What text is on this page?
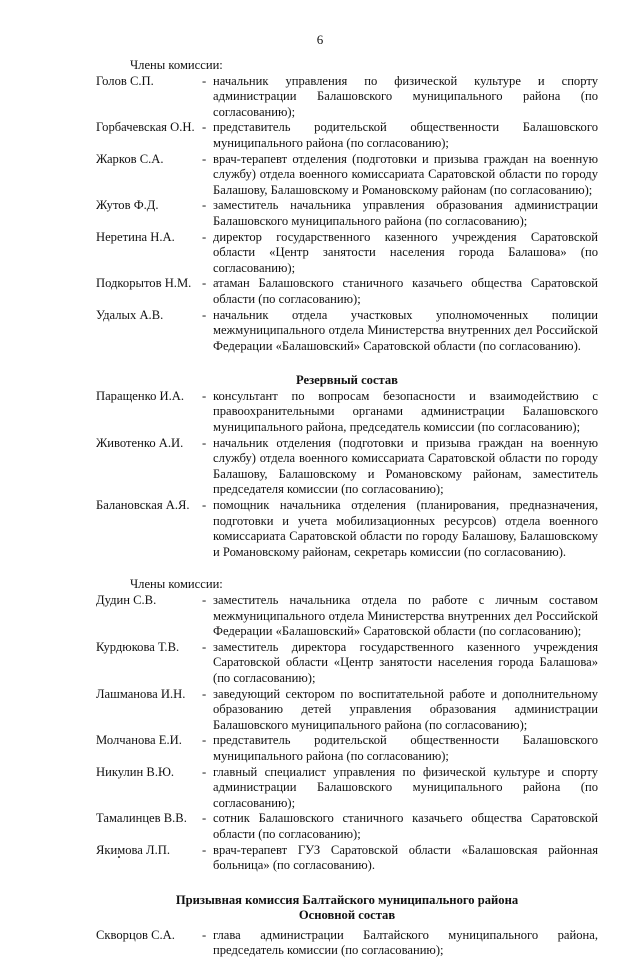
6
Члены комиссии:
Голов С.П.	- начальник управления по физической культуре и спорту администрации Балашовского муниципального района (по согласованию);
Горбачевская О.Н. - представитель родительской общественности Балашовского муниципального района (по согласованию);
Жарков С.А.	- врач-терапевт отделения (подготовки и призыва граждан на военную службу) отдела военного комиссариата Саратовской области по городу Балашову, Балашовскому и Романовскому районам (по согласованию);
Жутов Ф.Д.	- заместитель начальника управления образования администрации Балашовского муниципального района (по согласованию);
Неретина Н.А.	- директор государственного казенного учреждения Саратовской области «Центр занятости населения города Балашова» (по согласованию);
Подкорытов Н.М. - атаман Балашовского станичного казачьего общества Саратовской области (по согласованию);
Удалых А.В.	- начальник отдела участковых уполномоченных полиции межмуниципального отдела Министерства внутренних дел Российской Федерации «Балашовский» Саратовской области (по согласованию).
Резервный состав
Паращенко И.А.	- консультант по вопросам безопасности и взаимодействию с правоохранительными органами администрации Балашовского муниципального района, председатель комиссии (по согласованию);
Животенко А.И.	- начальник отделения (подготовки и призыва граждан на военную службу) отдела военного комиссариата Саратовской области по городу Балашову, Балашовскому и Романовскому районам, заместитель председателя комиссии (по согласованию);
Балановская А.Я. - помощник начальника отделения (планирования, предназначения, подготовки и учета мобилизационных ресурсов) отдела военного комиссариата Саратовской области по городу Балашову, Балашовскому и Романовскому районам, секретарь комиссии (по согласованию).
Члены комиссии:
Дудин С.В.	- заместитель начальника отдела по работе с личным составом межмуниципального отдела Министерства внутренних дел Российской Федерации «Балашовский» Саратовской области (по согласованию);
Курдюкова Т.В.	- заместитель директора государственного казенного учреждения Саратовской области «Центр занятости населения города Балашова» (по согласованию);
Лашманова И.Н.	- заведующий сектором по воспитательной работе и дополнительному образованию детей управления образования администрации Балашовского муниципального района (по согласованию);
Молчанова Е.И.	- представитель родительской общественности Балашовского муниципального района (по согласованию);
Никулин В.Ю.	- главный специалист управления по физической культуре и спорту администрации Балашовского муниципального района (по согласованию);
Тамалинцев В.В.	- сотник Балашовского станичного казачьего общества Саратовской области (по согласованию);
Якимова Л.П.	- врач-терапевт ГУЗ Саратовской области «Балашовская районная больница» (по согласованию).
Призывная комиссия Балтайского муниципального района
Основной состав
Скворцов С.А.	- глава администрации Балтайского муниципального района, председатель комиссии (по согласованию);
